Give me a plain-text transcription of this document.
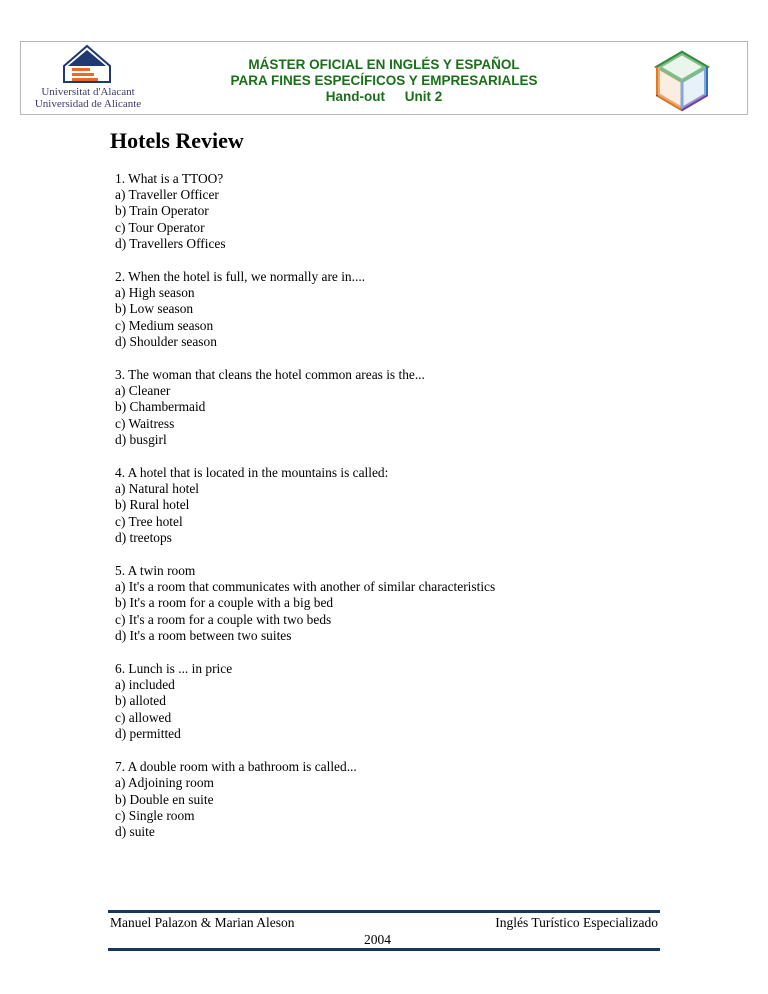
Universitat d'Alacant
Universidad de Alicante
MÁSTER OFICIAL EN INGLÉS Y ESPAÑOL
PARA FINES ESPECÍFICOS Y EMPRESARIALES
Hand-out Unit 2
Hotels Review
1. What is a TTOO?
a) Traveller Officer
b) Train Operator
c) Tour Operator
d) Travellers Offices
2. When the hotel is full, we normally are in....
a) High season
b) Low season
c) Medium season
d) Shoulder season
3. The woman that cleans the hotel common areas is the...
a) Cleaner
b) Chambermaid
c) Waitress
d) busgirl
4. A hotel that is located in the mountains is called:
a) Natural hotel
b) Rural hotel
c) Tree hotel
d) treetops
5. A twin room
a) It's a room that communicates with another of similar characteristics
b) It's a room for a couple with a big bed
c) It's a room for a couple with two beds
d) It's a room between two suites
6. Lunch is ... in price
a) included
b) alloted
c) allowed
d) permitted
7. A double room with a bathroom is called...
a) Adjoining room
b) Double en suite
c) Single room
d) suite
Manuel Palazon & Marian Aleson	Inglés Turístico Especializado
2004
